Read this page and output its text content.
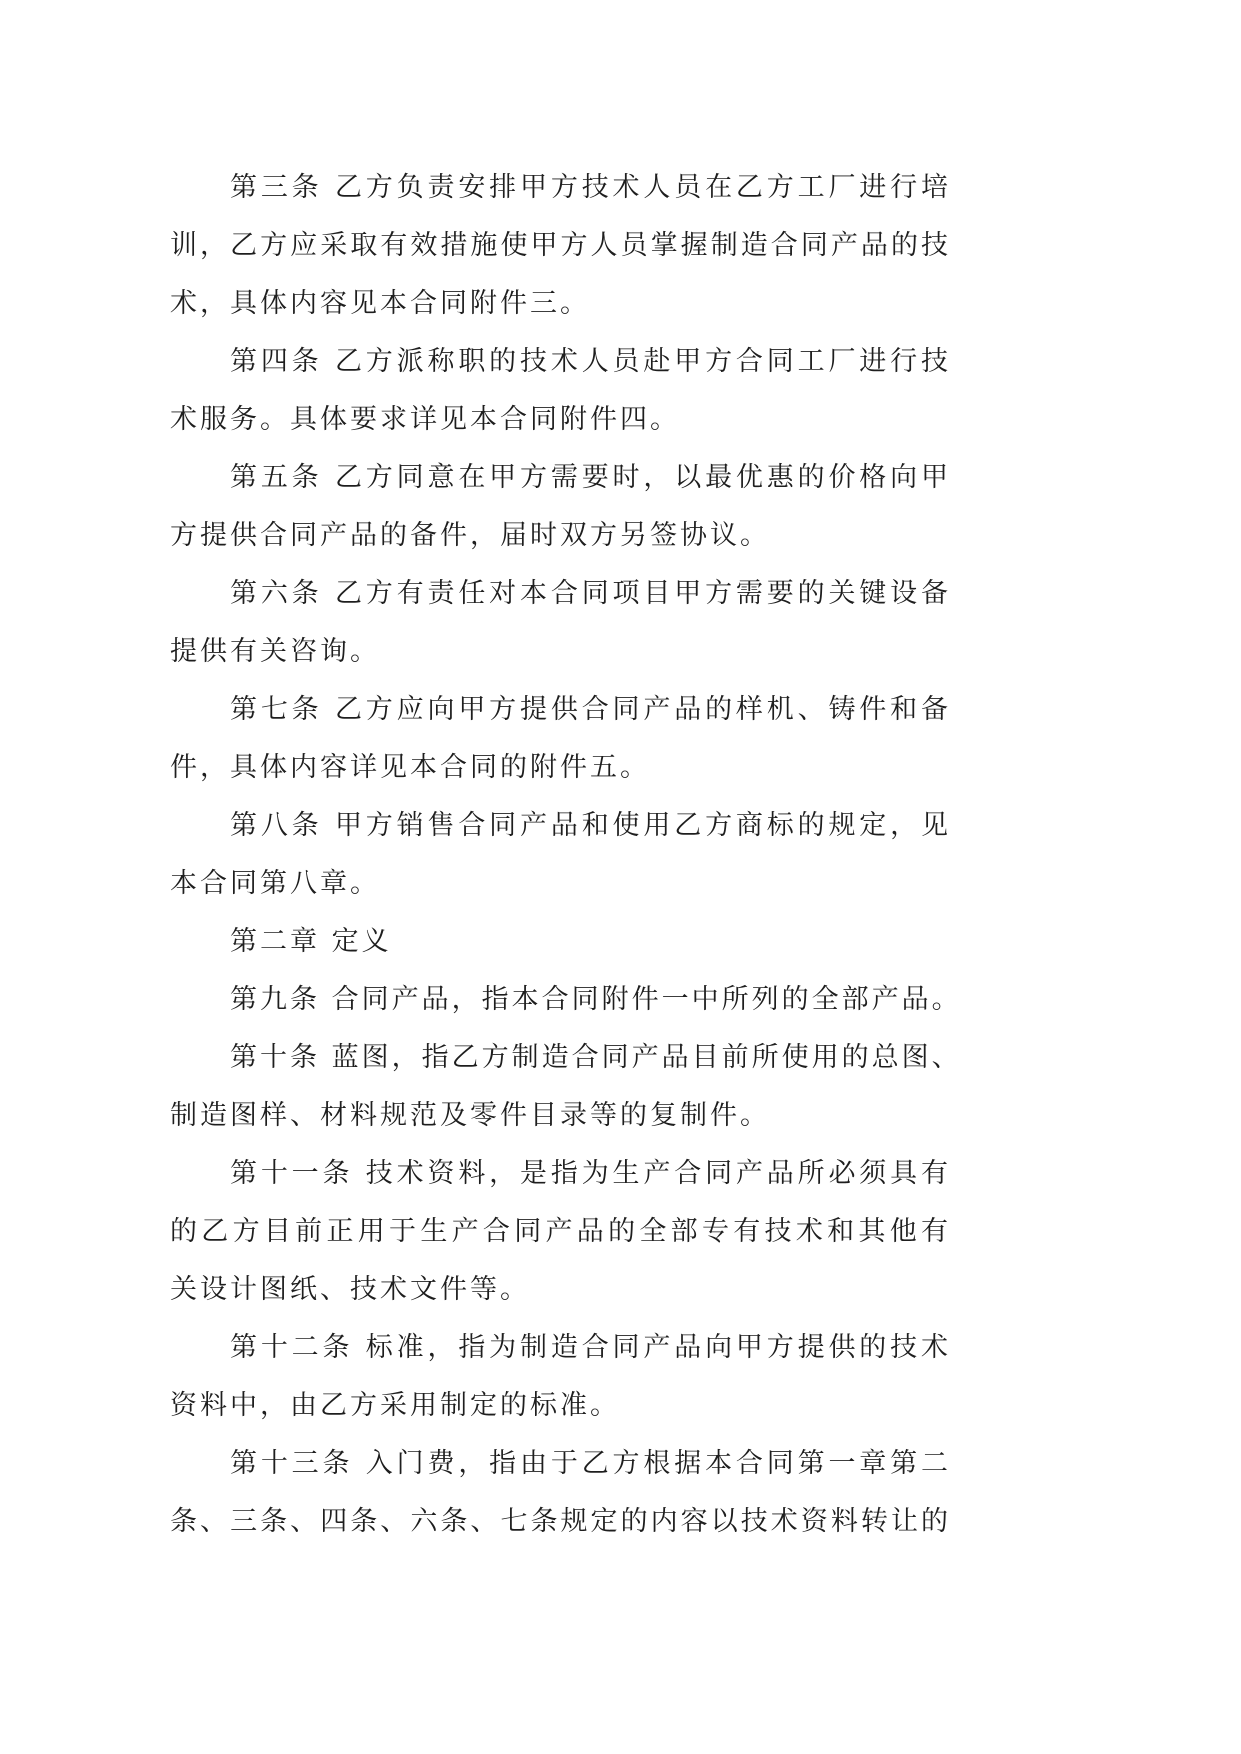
第三条 乙方负责安排甲方技术人员在乙方工厂进行培
训，乙方应采取有效措施使甲方人员掌握制造合同产品的技
术，具体内容见本合同附件三。
第四条 乙方派称职的技术人员赴甲方合同工厂进行技
术服务。具体要求详见本合同附件四。
第五条 乙方同意在甲方需要时，以最优惠的价格向甲
方提供合同产品的备件，届时双方另签协议。
第六条 乙方有责任对本合同项目甲方需要的关键设备
提供有关咨询。
第七条 乙方应向甲方提供合同产品的样机、铸件和备
件，具体内容详见本合同的附件五。
第八条 甲方销售合同产品和使用乙方商标的规定，见
本合同第八章。
第二章 定义
第九条 合同产品，指本合同附件一中所列的全部产品。
第十条 蓝图，指乙方制造合同产品目前所使用的总图、
制造图样、材料规范及零件目录等的复制件。
第十一条 技术资料，是指为生产合同产品所必须具有
的乙方目前正用于生产合同产品的全部专有技术和其他有
关设计图纸、技术文件等。
第十二条 标准，指为制造合同产品向甲方提供的技术
资料中，由乙方采用制定的标准。
第十三条 入门费，指由于乙方根据本合同第一章第二
条、三条、四条、六条、七条规定的内容以技术资料转让的
